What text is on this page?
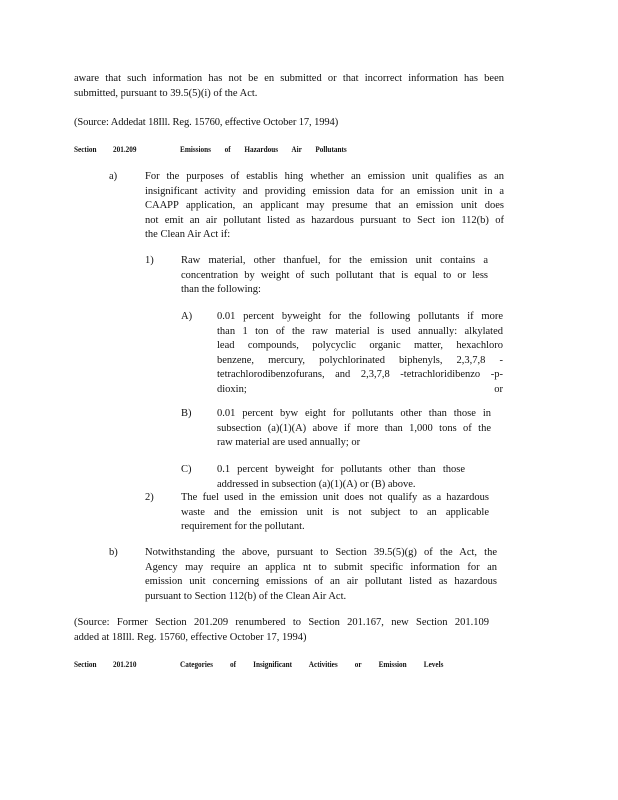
aware that such information has not be en submitted or that incorrect information has been
submitted, pursuant to 39.5(5)(i) of the Act.
(Source: Addedat 18Ill. Reg. 15760, effective October 17, 1994)
Section 201.209	Emissions of Hazardous Air Pollutants
a)	For the purposes of establis hing whether an emission unit qualifies as an
insignificant activity and providing emission data for an emission unit in a
CAAPP application, an applicant may presume that an emission unit does
not emit an air pollutant listed as hazardous pursuant to Sect ion 112(b) of
the Clean Air Act if:
1)	Raw material, other thanfuel, for the emission unit contains a
concentration by weight of such pollutant that is equal to or less
than the following:
A) 0.01 percent byweight for the following pollutants if more
than 1 ton of the raw material is used annually: alkylated
lead compounds, polycyclic organic matter, hexachloro
benzene, mercury, polychlorinated biphenyls, 2,3,7,8 -
tetrachlorodibenzofurans, and 2,3,7,8 -tetrachloridibenzo -p-
dioxin; or
B) 0.01 percent byw eight for pollutants other than those in
subsection (a)(1)(A) above if more than 1,000 tons of the
raw material are used annually; or
C) 0.1 percent byweight for pollutants other than those
addressed in subsection (a)(1)(A) or (B) above.
2)	The fuel used in the emission unit does not qualify as a hazardous
waste and the emission unit is not subject to an applicable
requirement for the pollutant.
b)	Notwithstanding the above, pursuant to Section 39.5(5)(g) of the Act, the
Agency may require an applica nt to submit specific information for an
emission unit concerning emissions of an air pollutant listed as hazardous
pursuant to Section 112(b) of the Clean Air Act.
(Source: Former Section 201.209 renumbered to Section 201.167, new Section 201.109
added at 18Ill. Reg. 15760, effective October 17, 1994)
Section 201.210	Categories of Insignificant Activities or Emission Levels
